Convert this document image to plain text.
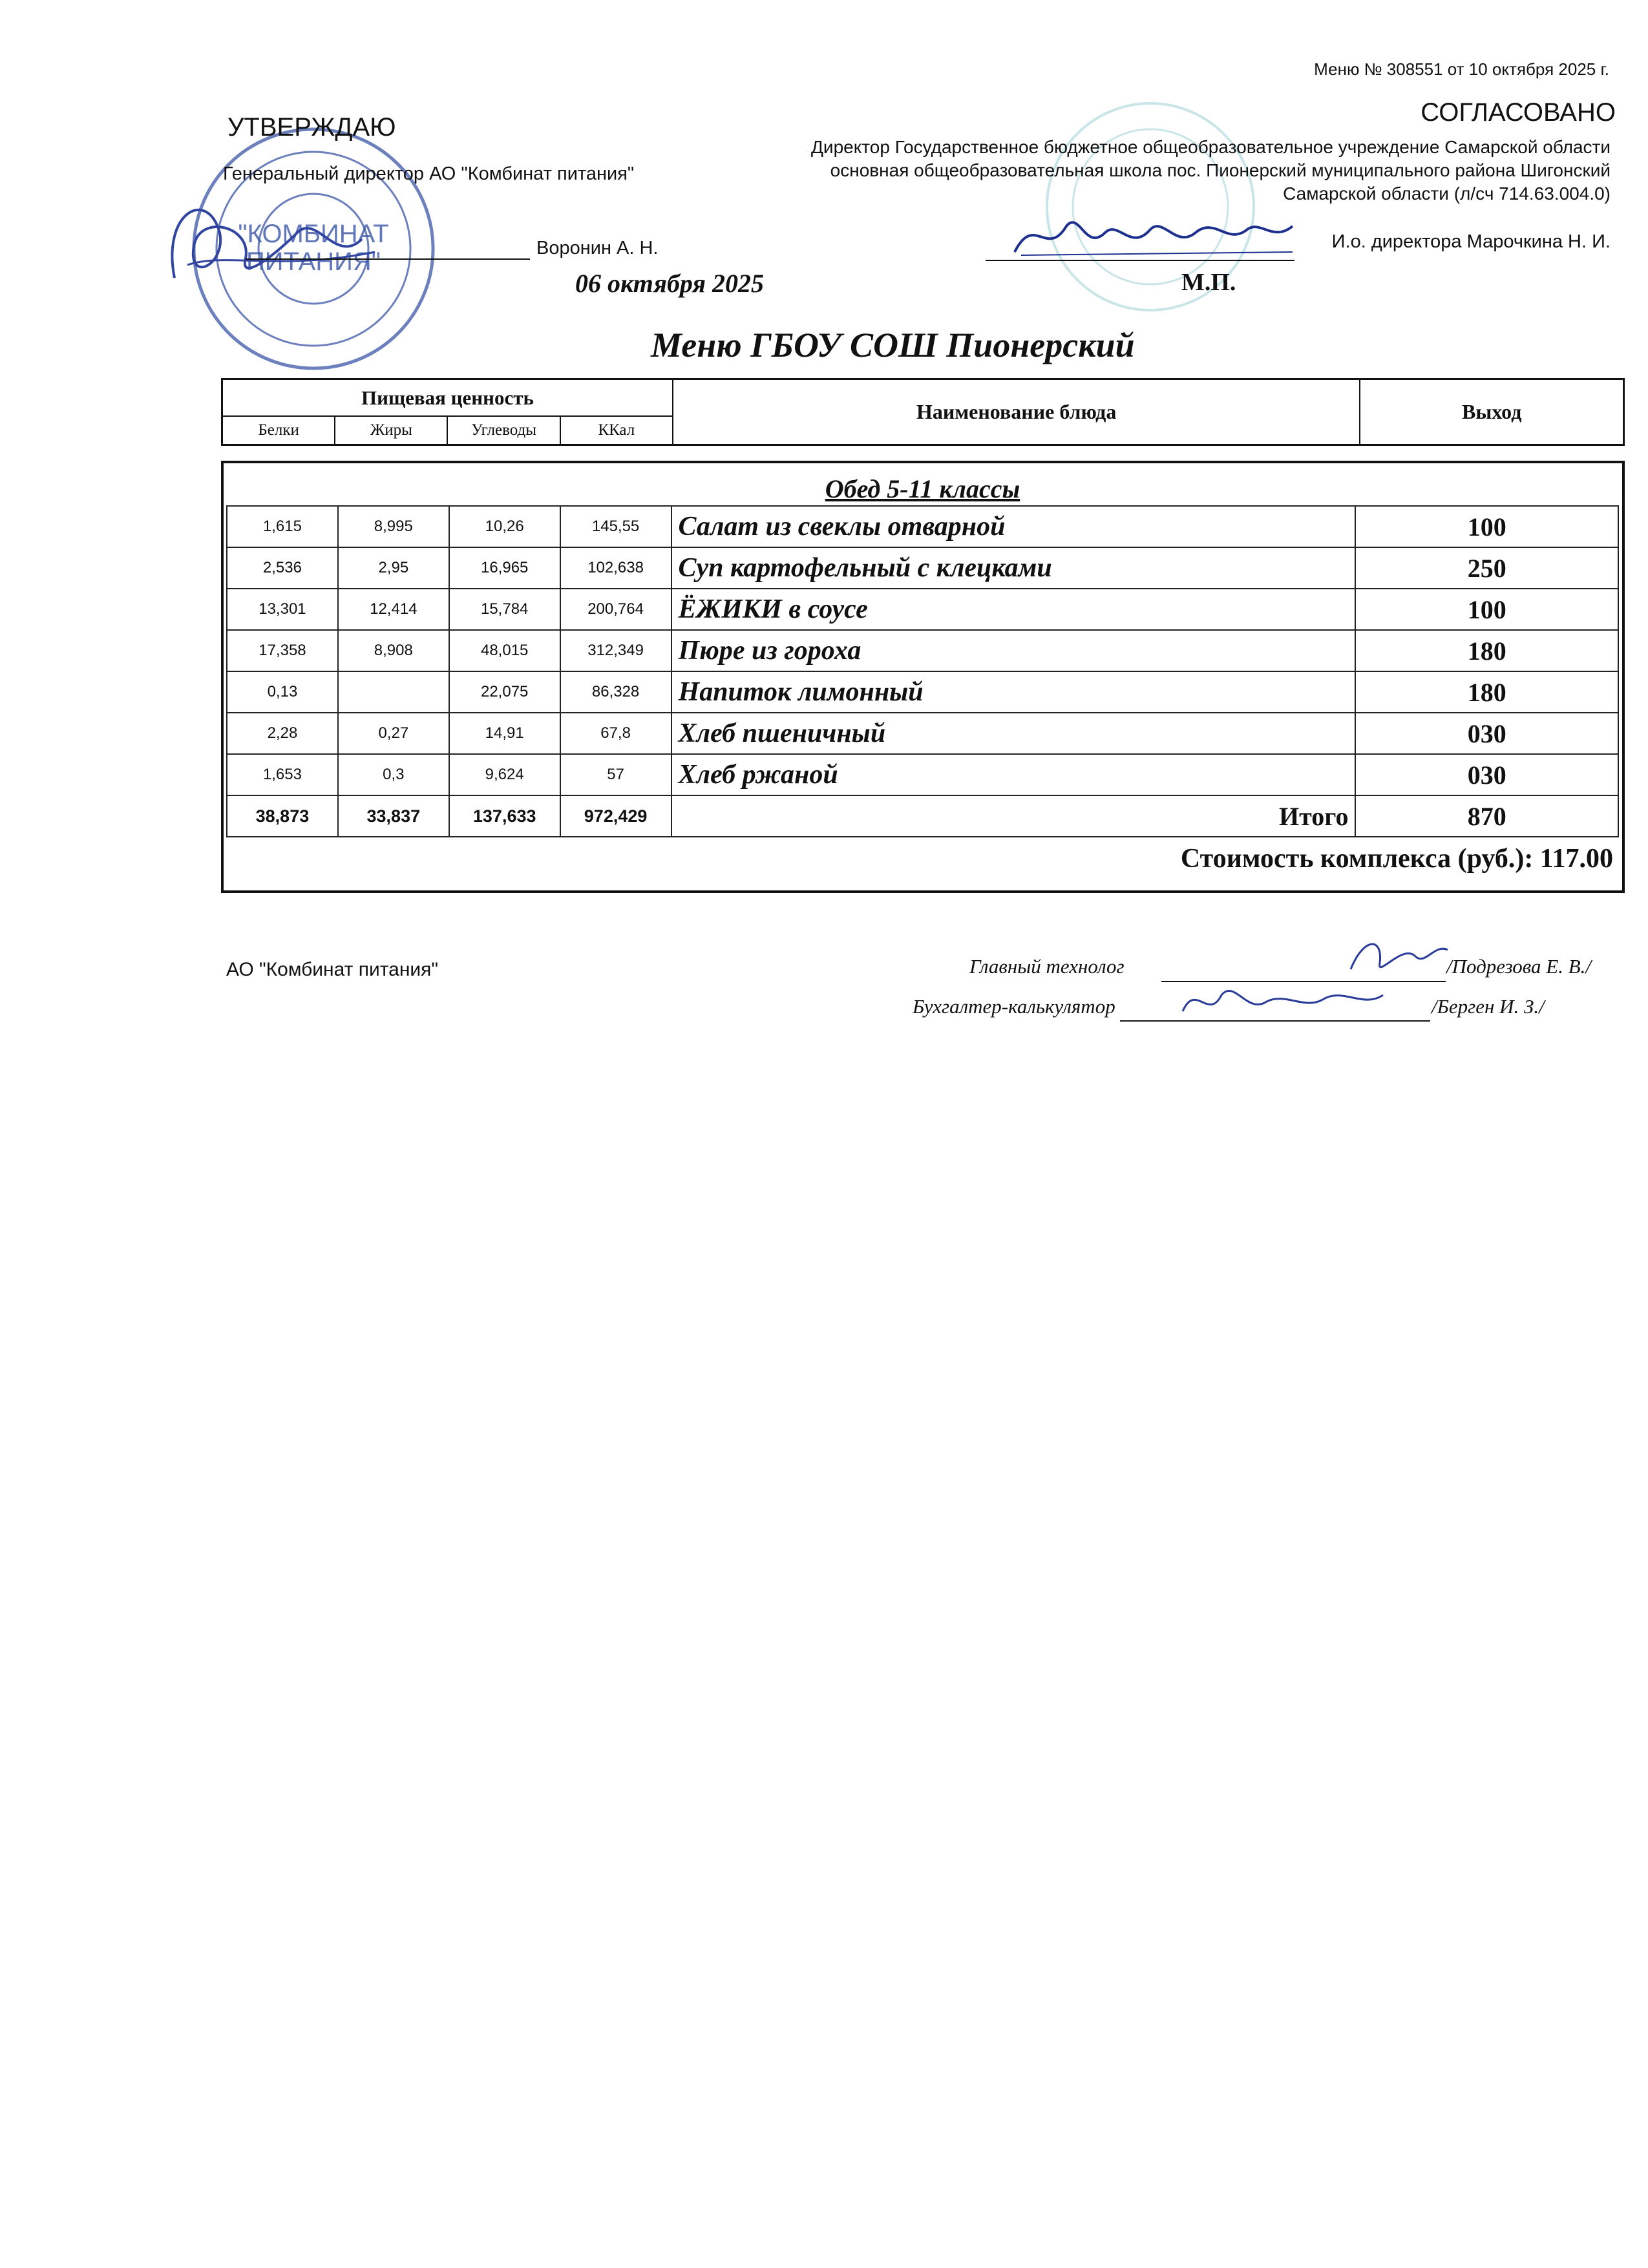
Меню № 308551 от 10 октября 2025 г.
"КОМБИНАТ
ПИТАНИЯ"
УТВЕРЖДАЮ
Генеральный директор АО "Комбинат питания"
Воронин А. Н.
06 октября 2025
СОГЛАСОВАНО
Директор Государственное бюджетное общеобразовательное учреждение Самарской области основная общеобразовательная школа пос. Пионерский муниципального района Шигонский Самарской области (л/сч 714.63.004.0)
И.о. директора Марочкина Н. И.
М.П.
Меню ГБОУ СОШ Пионерский
Пищевая ценность				Наименование блюда	Выход
Белки	Жиры	Углеводы	ККал		
Обед 5-11 классы					
1,615	8,995	10,26	145,55	Салат из свеклы отварной	100
2,536	2,95	16,965	102,638	Суп картофельный с клецками	250
13,301	12,414	15,784	200,764	ЁЖИКИ в соусе	100
17,358	8,908	48,015	312,349	Пюре из гороха	180
0,13		22,075	86,328	Напиток лимонный	180
2,28	0,27	14,91	67,8	Хлеб пшеничный	030
1,653	0,3	9,624	57	Хлеб ржаной	030
38,873	33,837	137,633	972,429	Итого	870
Стоимость комплекса (руб.): 117.00					
АО "Комбинат питания"	Главный технолог	/Подрезова Е. В./
Бухгалтер-калькулятор	/Берген И. З./
